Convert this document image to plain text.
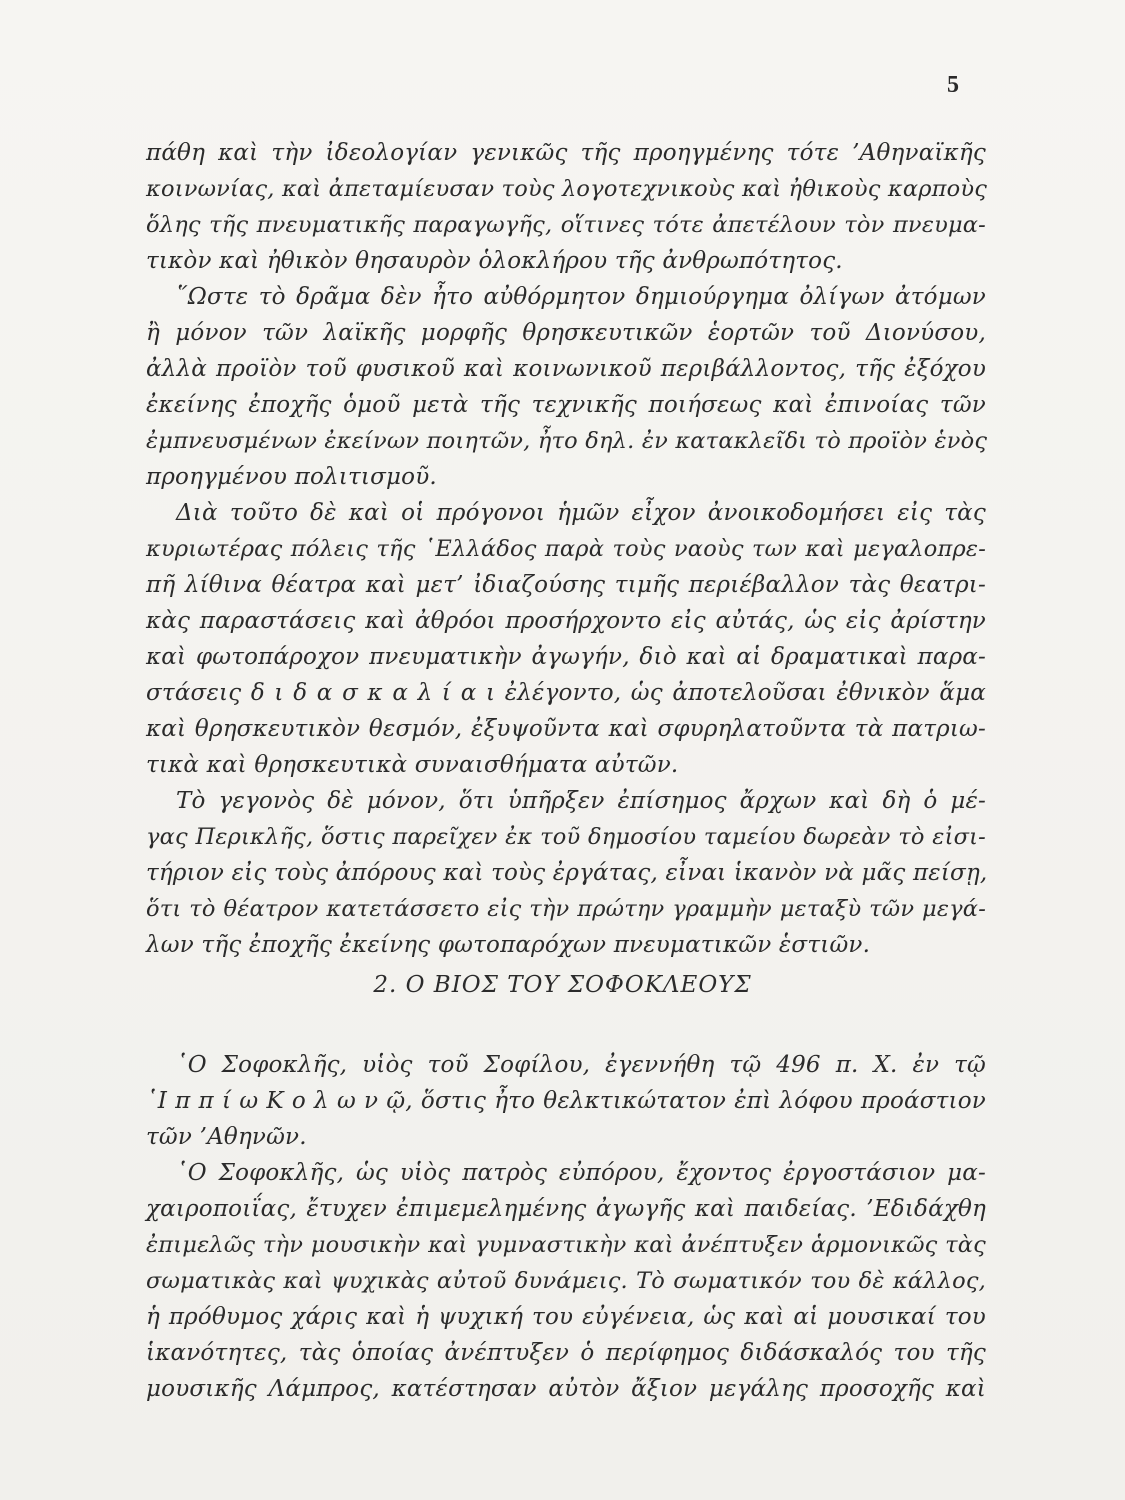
5
πάθη καὶ τὴν ἰδεολογίαν γενικῶς τῆς προηγμένης τότε ’Αθηναϊκῆς
κοινωνίας, καὶ ἀπεταμίευσαν τοὺς λογοτεχνικοὺς καὶ ἠθικοὺς καρποὺς
ὅλης τῆς πνευματικῆς παραγωγῆς, οἵτινες τότε ἀπετέλουν τὸν πνευμα-
τικὸν καὶ ἠθικὸν θησαυρὸν ὁλοκλήρου τῆς ἀνθρωπότητος.
῞Ωστε τὸ δρᾶμα δὲν ἦτο αὐθόρμητον δημιούργημα ὀλίγων ἀτόμων
ἢ μόνον τῶν λαϊκῆς μορφῆς θρησκευτικῶν ἑορτῶν τοῦ Διονύσου,
ἀλλὰ προϊὸν τοῦ φυσικοῦ καὶ κοινωνικοῦ περιβάλλοντος, τῆς ἐξόχου
ἐκείνης ἐποχῆς ὁμοῦ μετὰ τῆς τεχνικῆς ποιήσεως καὶ ἐπινοίας τῶν
ἐμπνευσμένων ἐκείνων ποιητῶν, ἦτο δηλ. ἐν κατακλεῖδι τὸ προϊὸν ἑνὸς
προηγμένου πολιτισμοῦ.
Διὰ τοῦτο δὲ καὶ οἱ πρόγονοι ἡμῶν εἶχον ἀνοικοδομήσει εἰς τὰς
κυριωτέρας πόλεις τῆς ῾Ελλάδος παρὰ τοὺς ναοὺς των καὶ μεγαλοπρε-
πῆ λίθινα θέατρα καὶ μετ’ ἰδιαζούσης τιμῆς περιέβαλλον τὰς θεατρι-
κὰς παραστάσεις καὶ ἀθρόοι προσήρχοντο εἰς αὐτάς, ὡς εἰς ἀρίστην
καὶ φωτοπάροχον πνευματικὴν ἀγωγήν, διὸ καὶ αἱ δραματικαὶ παρα-
στάσεις δ ι δ α σ κ α λ ί α ι ἐλέγοντο, ὡς ἀποτελοῦσαι ἐθνικὸν ἅμα
καὶ θρησκευτικὸν θεσμόν, ἐξυψοῦντα καὶ σφυρηλατοῦντα τὰ πατριω-
τικὰ καὶ θρησκευτικὰ συναισθήματα αὐτῶν.
Τὸ γεγονὸς δὲ μόνον, ὅτι ὑπῆρξεν ἐπίσημος ἄρχων καὶ δὴ ὁ μέ-
γας Περικλῆς, ὅστις παρεῖχεν ἐκ τοῦ δημοσίου ταμείου δωρεὰν τὸ εἰσι-
τήριον εἰς τοὺς ἀπόρους καὶ τοὺς ἐργάτας, εἶναι ἱκανὸν νὰ μᾶς πείσῃ,
ὅτι τὸ θέατρον κατετάσσετο εἰς τὴν πρώτην γραμμὴν μεταξὺ τῶν μεγά-
λων τῆς ἐποχῆς ἐκείνης φωτοπαρόχων πνευματικῶν ἑστιῶν.
2. Ο ΒΙΟΣ ΤΟΥ ΣΟΦΟΚΛΕΟΥΣ
῾Ο Σοφοκλῆς, υἱὸς τοῦ Σοφίλου, ἐγεννήθη τῷ 496 π. Χ. ἐν τῷ
῾Ι π π ί ω Κ ο λ ω ν ῷ, ὅστις ἦτο θελκτικώτατον ἐπὶ λόφου προάστιον
τῶν ’Αθηνῶν.
῾Ο Σοφοκλῆς, ὡς υἱὸς πατρὸς εὐπόρου, ἔχοντος ἐργοστάσιον μα-
χαιροποιΐας, ἔτυχεν ἐπιμεμελημένης ἀγωγῆς καὶ παιδείας. ’Εδιδάχθη
ἐπιμελῶς τὴν μουσικὴν καὶ γυμναστικὴν καὶ ἀνέπτυξεν ἁρμονικῶς τὰς
σωματικὰς καὶ ψυχικὰς αὐτοῦ δυνάμεις. Τὸ σωματικόν του δὲ κάλλος,
ἡ πρόθυμος χάρις καὶ ἡ ψυχική του εὐγένεια, ὡς καὶ αἱ μουσικαί του
ἱκανότητες, τὰς ὁποίας ἀνέπτυξεν ὁ περίφημος διδάσκαλός του τῆς
μουσικῆς Λάμπρος, κατέστησαν αὐτὸν ἄξιον μεγάλης προσοχῆς καὶ
